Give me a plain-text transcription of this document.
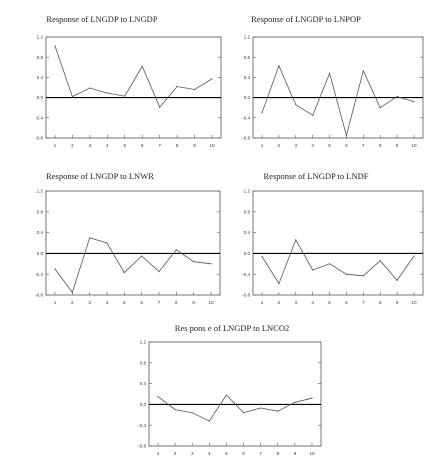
Response of LNGDP to LNGDP
1.2
0.8
0.4
0.0
-0.4
-0.8
1	2	3	4	5	6	7	8	9	10
Response of LNGDP to LNPOP
1.2
0.8
0.4
0.0
-0.4
-0.8
1	2	3	4	5	6	7	8	9	10
Response of LNGDP to LNWR
1.2
0.8
0.4
0.0
-0.4
-0.8
1	2	3	4	5	6	7	8	9	10
Response of LNGDP to LNDF
1.2
0.8
0.4
0.0
-0.4
-0.8
1	2	3	4	5	6	7	8	9	10
Res pons e of LNGDP to LNCO2
1.2
0.8
0.4
0.0
-0.4
-0.8
1	2	3	4	5	6	7	8	9	10
